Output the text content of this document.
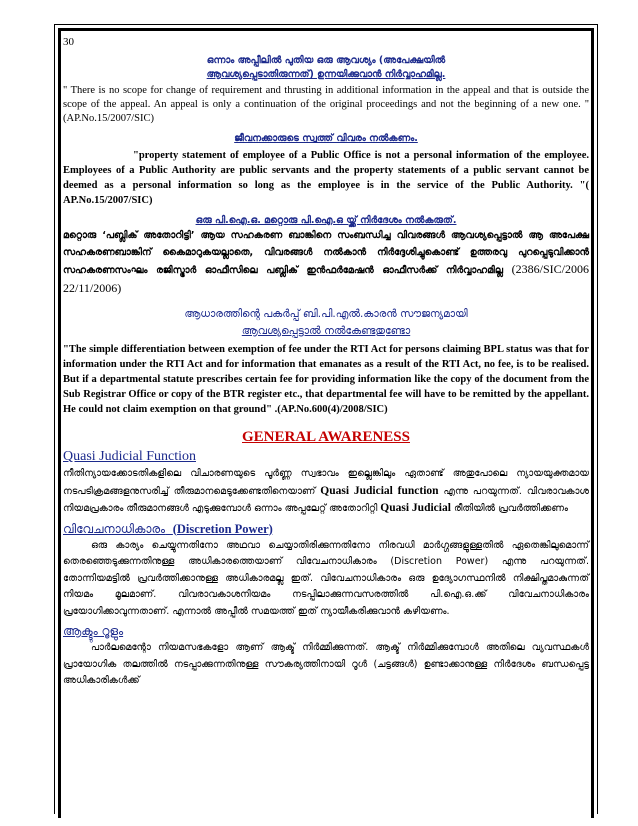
30
ഒന്നാം അപ്പീലിൽ പുതിയ ഒരു ആവശ്യം (അപേക്ഷയിൽ
ആവശ്യപ്പെടാതിരുന്നത്) ഉന്നയിക്കുവാൻ നിർവ്വാഹമില്ല.

" There is no scope for change of requirement and thrusting in additional information in the appeal and that is outside the scope of the appeal. An appeal is only a continuation of the original proceedings and not the beginning of a new one. " (AP.No.15/2007/SIC)

ജീവനക്കാരുടെ സ്വത്ത് വിവരം നൽകണം.

"property statement of employee of a Public Office is not a personal information of the employee. Employees of a Public Authority are public servants and the property statements of a public servant cannot be deemed as a personal information so long as the employee is in the service of the Public Authority. "( AP.No.15/2007/SIC)

ഒരു പി.ഐ.ഒ. മറ്റൊരു പി.ഐ.ഒ യ്ക്ക് നിർദേശം നൽകരുത്.

മറ്റൊരു ‘പബ്ലിക് അതോറിട്ടി’ ആയ സഹകരണ ബാങ്കിനെ സംബന്ധിച്ച വിവരങ്ങൾ ആവശ്യപ്പെട്ടാൽ ആ അപേക്ഷ സഹകരണബാങ്കിന് കൈമാറുകയല്ലാതെ, വിവരങ്ങൾ നൽകാൻ നിർദ്ദേശിച്ചുകൊണ്ട് ഉത്തരവു പുറപ്പെടുവിക്കാൻ സഹകരണസംഘം രജിസ്ട്രാർ ഓഫീസിലെ പബ്ലിക് ഇൻഫർമേഷൻ ഓഫീസർക്ക് നിർവ്വാഹമില്ല (2386/SIC/2006 22/11/2006)

ആധാരത്തിന്റെ പകർപ്പ് ബി.പി.എൽ.കാരൻ സൗജന്യമായി
ആവശ്യപ്പെട്ടാൽ നൽകേണ്ടതുണ്ടോ

"The simple differentiation between exemption of fee under the RTI Act for persons claiming BPL status was that for information under the RTI Act and for information that emanates as a result of the RTI Act, no fee, is to be realised. But if a departmental statute prescribes certain fee for providing information like the copy of the document from the Sub Registrar Office or copy of the BTR register etc., that departmental fee will have to be remitted by the appellant. He could not claim exemption on that ground" .(AP.No.600(4)/2008/SIC)

GENERAL AWARENESS
Quasi Judicial Function

നീതിന്യായക്കോടതികളിലെ വിചാരണയുടെ പൂർണ്ണ സ്വഭാവം ഇല്ലെങ്കിലും ഏതാണ്ട് അതുപോലെ ന്യായയുക്തമായ നടപടിക്രമങ്ങളനുസരിച്ച് തീരുമാനമെടുക്കേണ്ടതിനെയാണ് Quasi Judicial function എന്നു പറയുന്നത്. വിവരാവകാശ നിയമപ്രകാരം തീരുമാനങ്ങൾ എടുക്കുമ്പോൾ ഒന്നാം അപ്പലേറ്റ് അതോറിറ്റി Quasi Judicial രീതിയിൽ പ്രവർത്തിക്കണം

വിവേചനാധികാരം (Discretion Power)

ഒരു കാര്യം ചെയ്യുന്നതിനോ അഥവാ ചെയ്യാതിരിക്കുന്നതിനോ നിരവധി മാർഗ്ഗങ്ങളുള്ളതിൽ ഏതെങ്കിലുമൊന്ന് തെരഞ്ഞെടുക്കുന്നതിനുള്ള അധികാരത്തെയാണ് വിവേചനാധികാരം (Discretion Power) എന്നു പറയുന്നത്. തോന്നിയമട്ടിൽ പ്രവർത്തിക്കാനുള്ള അധികാരമല്ല ഇത്. വിവേചനാധികാരം ഒരു ഉദ്യോഗസ്ഥനിൽ നിക്ഷിപ്തമാകുന്നത് നിയമം മൂലമാണ്. വിവരാവകാശനിയമം നടപ്പിലാക്കുന്നവസരത്തിൽ പി.ഐ.ഒ.ക്ക് വിവേചനാധികാരം പ്രയോഗിക്കാവുന്നതാണ്. എന്നാൽ അപ്പീൽ സമയത്ത് ഇത് ന്യായീകരിക്കുവാൻ കഴിയണം.

ആക്ടും റൂളും

പാർലമെന്റോ നിയമസഭകളോ ആണ് ആക്ട് നിർമ്മിക്കുന്നത്. ആക്ട് നിർമ്മിക്കുമ്പോൾ അതിലെ വ്യവസ്ഥകൾ പ്രായോഗിക തലത്തിൽ നടപ്പാക്കുന്നതിനുള്ള സൗകര്യത്തിനായി റൂൾ (ചട്ടങ്ങൾ) ഉണ്ടാക്കാനുള്ള നിർദേശം ബന്ധപ്പെട്ട അധികാരികൾക്ക്
